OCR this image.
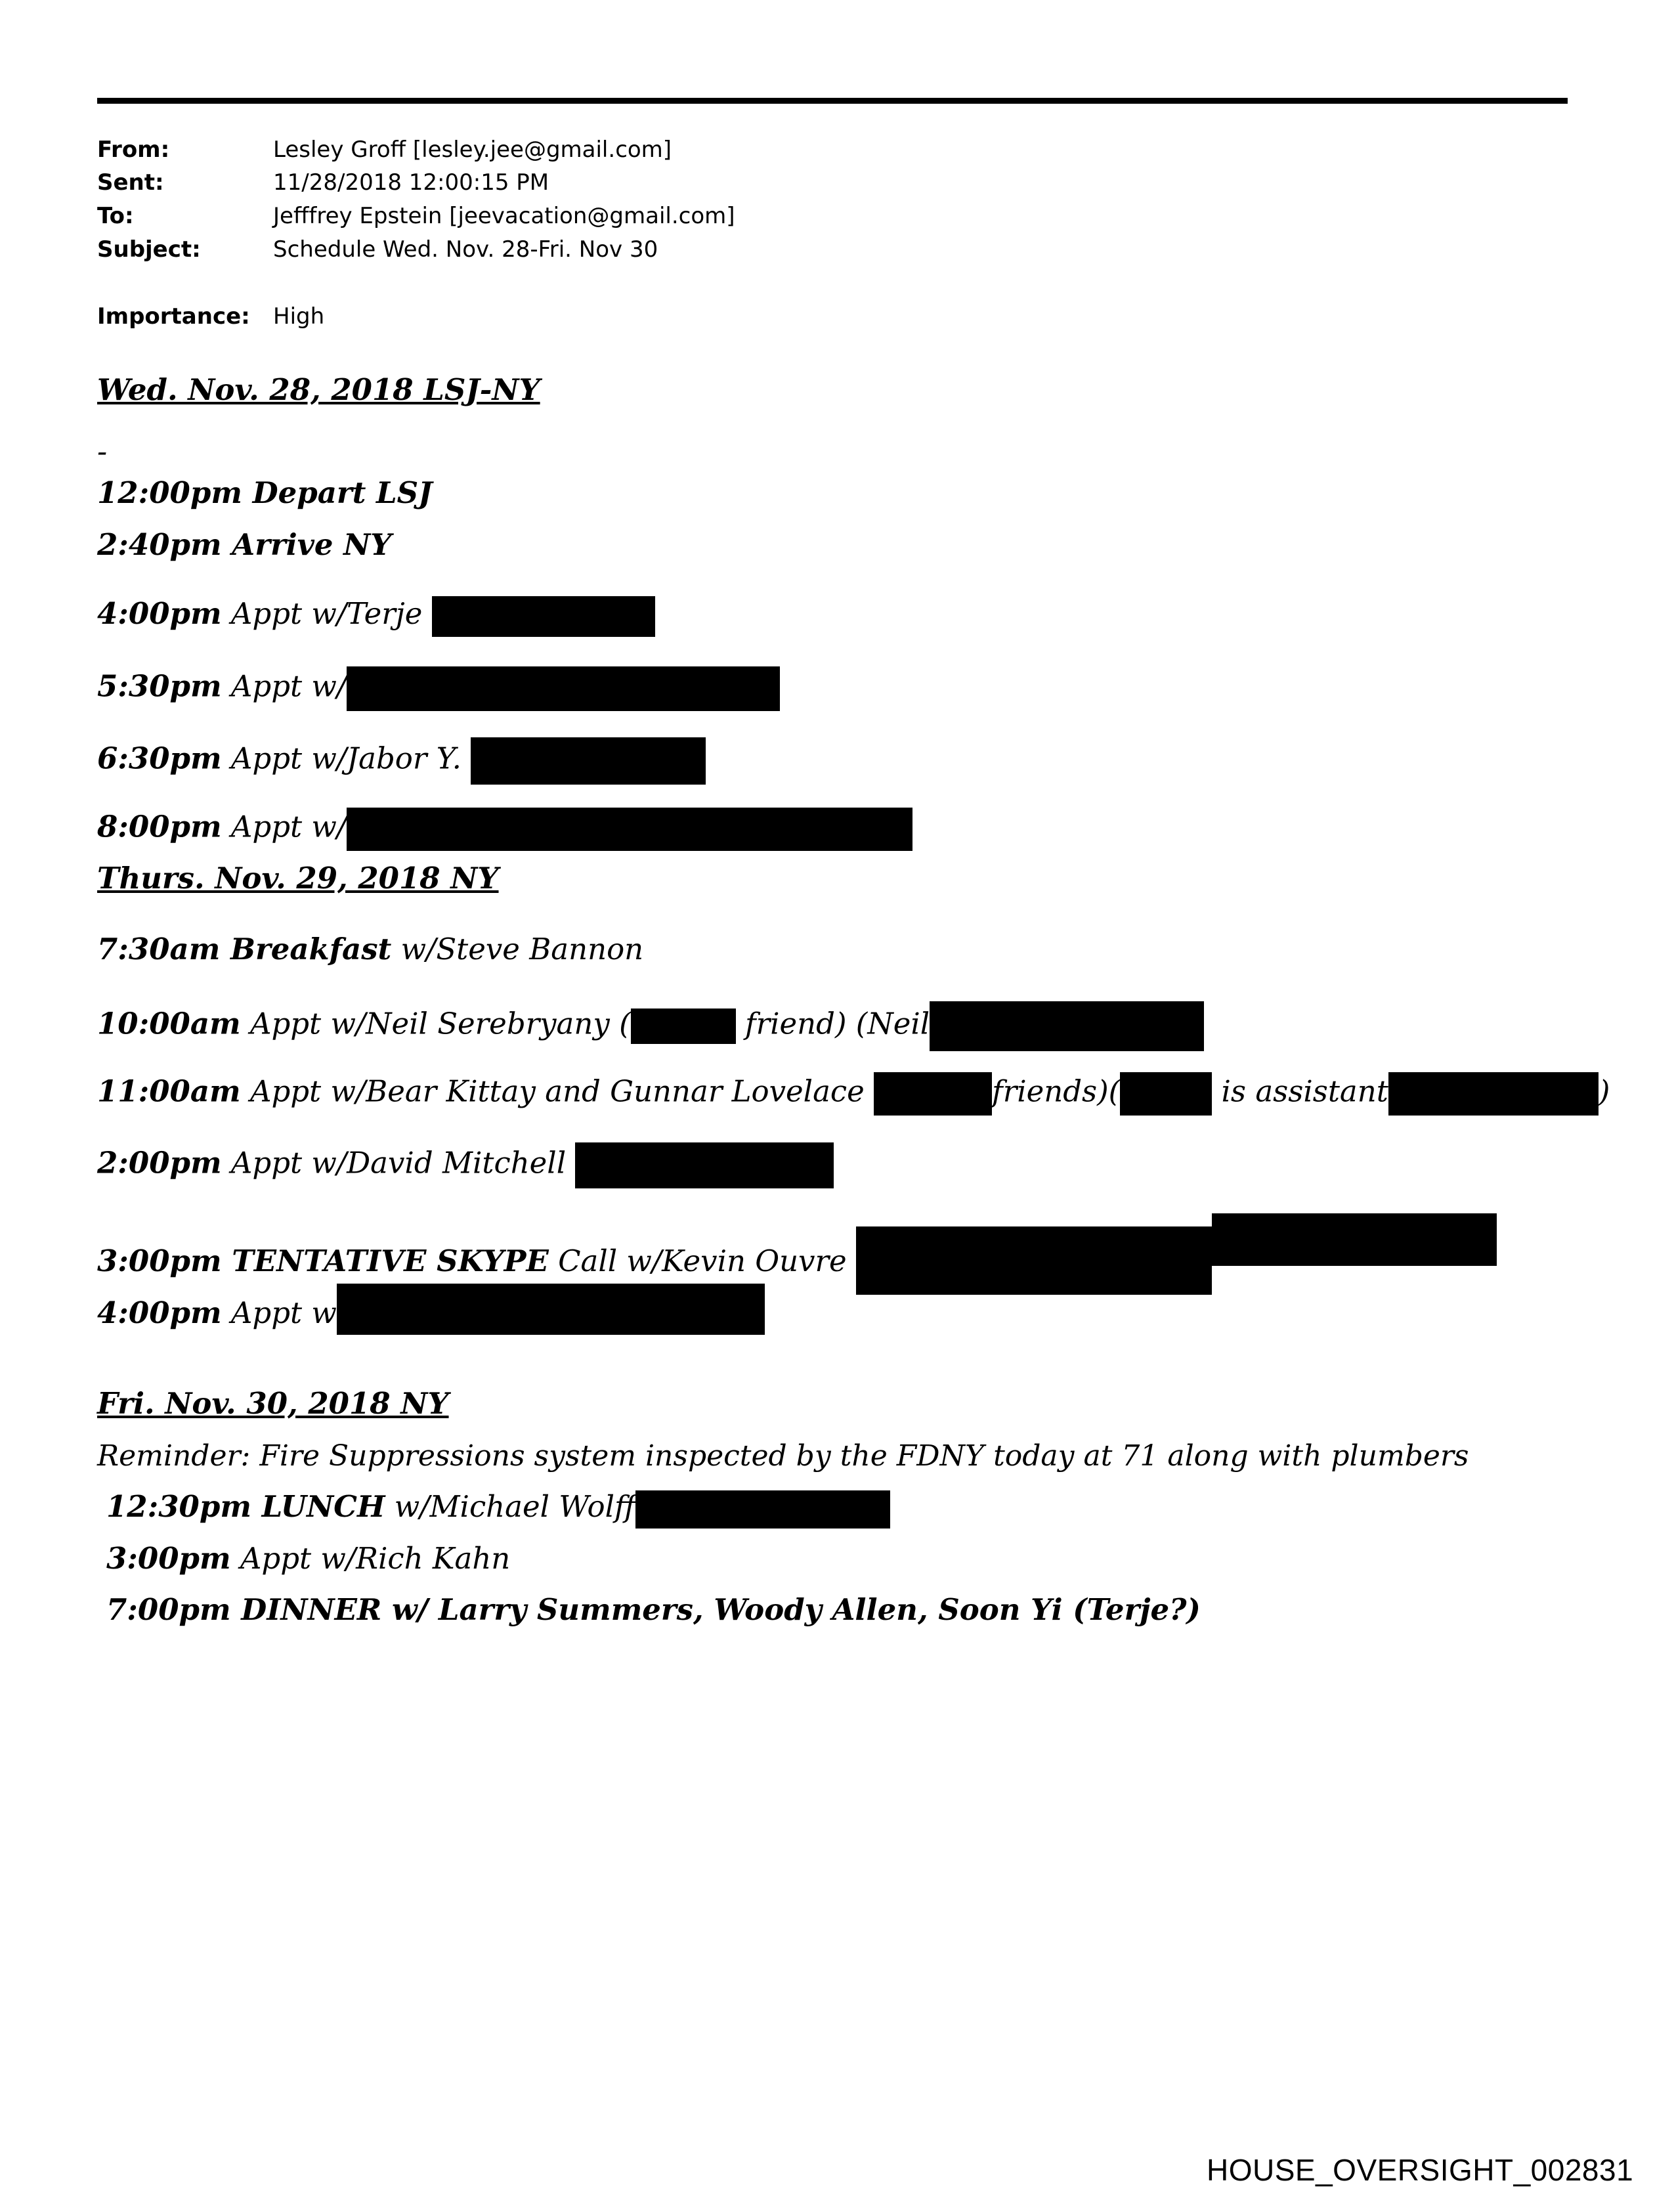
From:	Lesley Groff [lesley.jee@gmail.com]
Sent:	11/28/2018 12:00:15 PM
To:	Jefffrey Epstein [jeevacation@gmail.com]
Subject:	Schedule Wed. Nov. 28-Fri. Nov 30
Importance: High
Wed. Nov. 28, 2018 LSJ-NY
-
12:00pm Depart LSJ
2:40pm Arrive NY
4:00pm Appt w/Terje
5:30pm Appt w/
6:30pm Appt w/Jabor Y.
8:00pm Appt w/
Thurs. Nov. 29, 2018 NY
7:30am Breakfast w/Steve Bannon
10:00am Appt w/Neil Serebryany (	friend) (Neil
11:00am Appt w/Bear Kittay and Gunnar Lovelace	friends)(	is assistant	)
2:00pm Appt w/David Mitchell
3:00pm TENTATIVE SKYPE Call w/Kevin Ouvre
4:00pm Appt w
Fri. Nov. 30, 2018 NY
Reminder: Fire Suppressions system inspected by the FDNY today at 71 along with plumbers
12:30pm LUNCH w/Michael Wolff
3:00pm Appt w/Rich Kahn
7:00pm DINNER w/ Larry Summers, Woody Allen, Soon Yi (Terje?)
HOUSE_OVERSIGHT_002831
